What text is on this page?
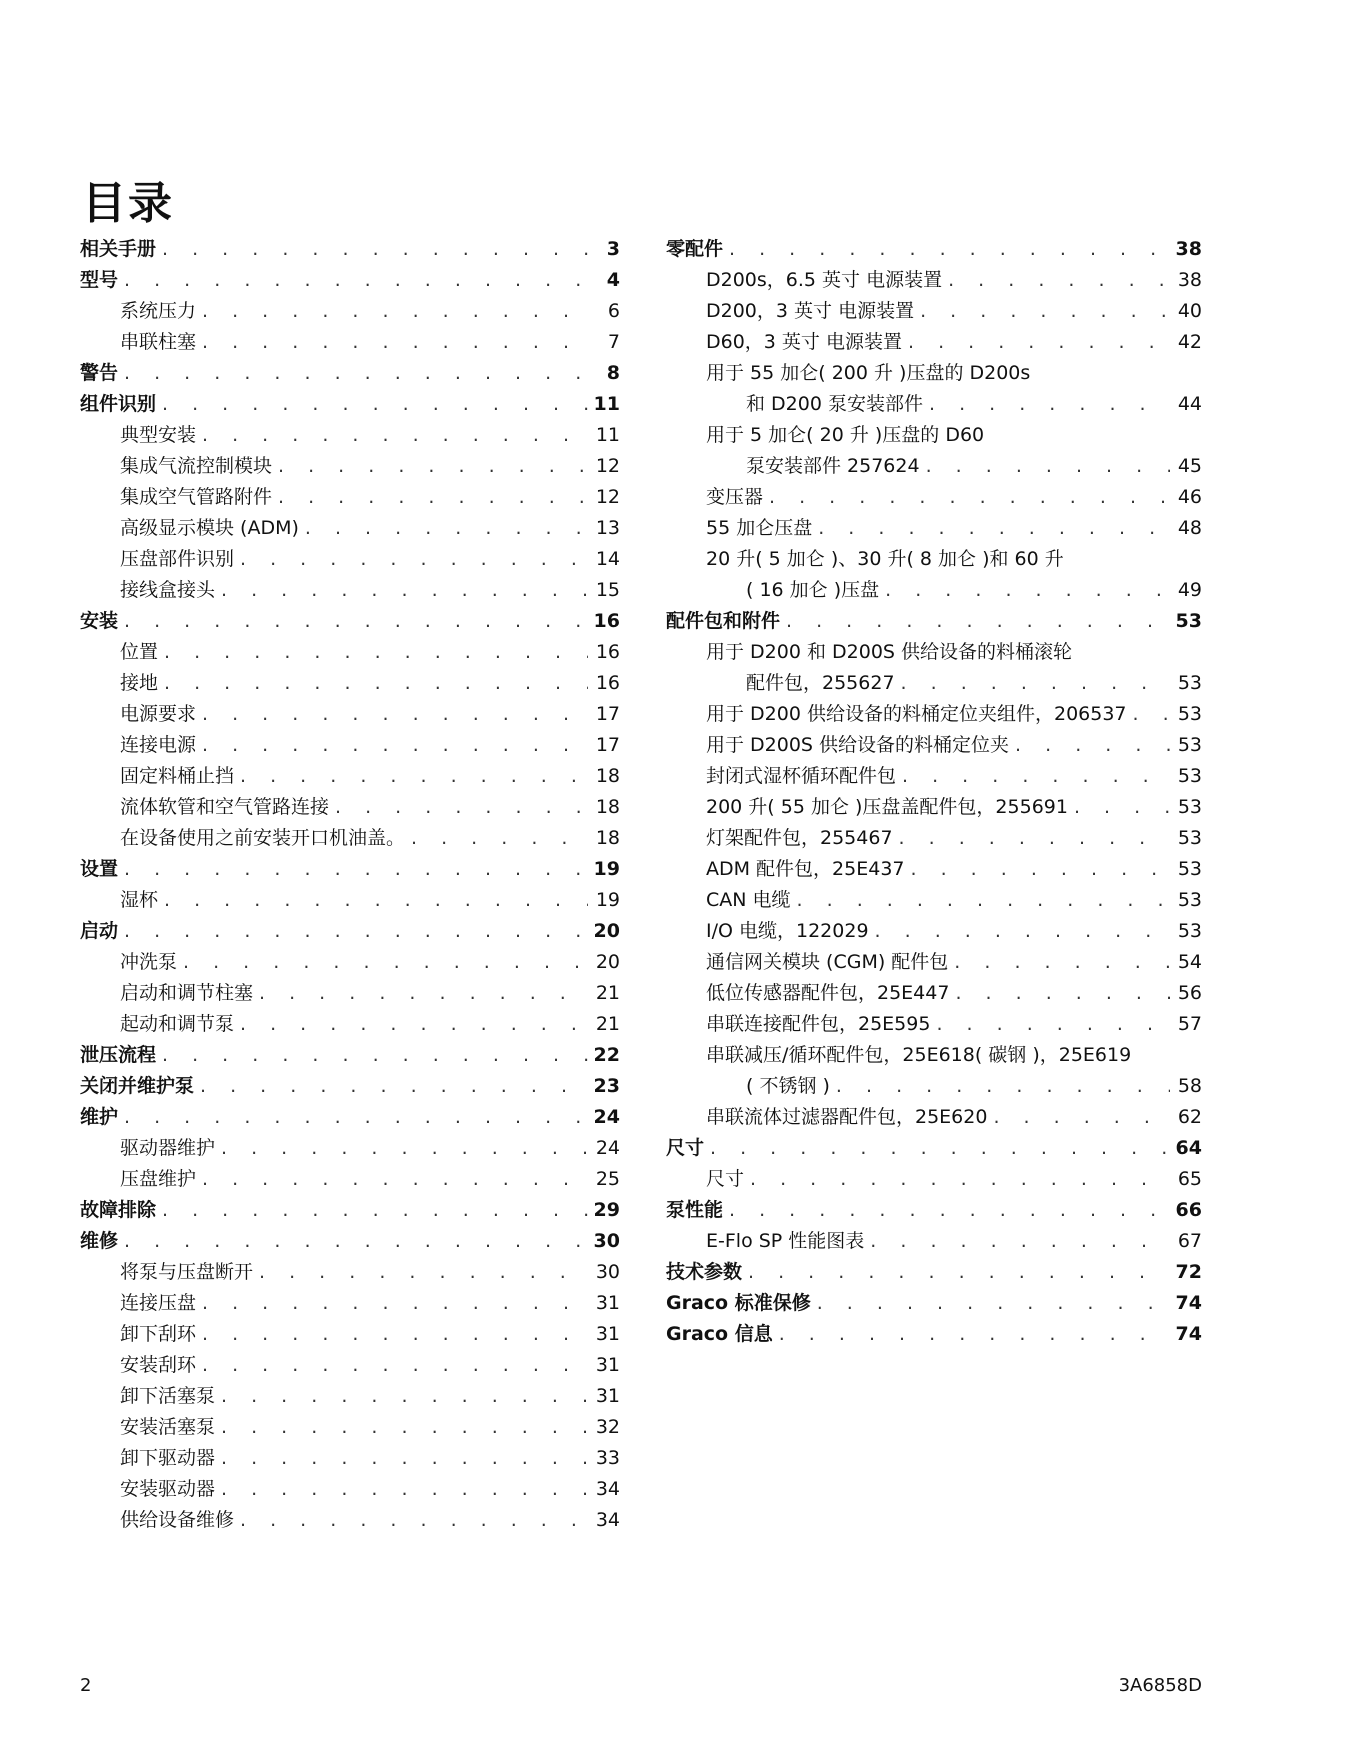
目录
相关手册 . . .	3
型号 . . .	4
系统压力 . . .	6
串联柱塞 . . .	7
警告 . . .	8
组件识别 . . .	11
典型安装 . . .	11
集成气流控制模块 . . .	12
集成空气管路附件 . . .	12
高级显示模块 (ADM) . . .	13
压盘部件识别 . . .	14
接线盒接头 . . .	15
安装 . . .	16
位置 . . .	16
接地 . . .	16
电源要求 . . .	17
连接电源 . . .	17
固定料桶止挡 . . .	18
流体软管和空气管路连接 . . .	18
在设备使用之前安装开口机油盖。 . . .	18
设置 . . .	19
湿杯 . . .	19
启动 . . .	20
冲洗泵 . . .	20
启动和调节柱塞 . . .	21
起动和调节泵 . . .	21
泄压流程 . . .	22
关闭并维护泵 . . .	23
维护 . . .	24
驱动器维护 . . .	24
压盘维护 . . .	25
故障排除 . . .	29
维修 . . .	30
将泵与压盘断开 . . .	30
连接压盘 . . .	31
卸下刮环 . . .	31
安装刮环 . . .	31
卸下活塞泵 . . .	31
安装活塞泵 . . .	32
卸下驱动器 . . .	33
安装驱动器 . . .	34
供给设备维修 . . .	34
零配件 . . .	38
D200s，6.5 英寸 电源装置 . . .	38
D200，3 英寸 电源装置 . . .	40
D60，3 英寸 电源装置 . . .	42
用于 55 加仑( 200 升 )压盘的 D200s
和 D200 泵安装部件 . . .	44
用于 5 加仑( 20 升 )压盘的 D60
泵安装部件 257624 . . .	45
变压器 . . .	46
55 加仑压盘 . . .	48
20 升( 5 加仑 )、30 升( 8 加仑 )和 60 升
( 16 加仑 )压盘 . . .	49
配件包和附件 . . .	53
用于 D200 和 D200S 供给设备的料桶滚轮
配件包，255627 . . .	53
用于 D200 供给设备的料桶定位夹组件，206537 . . .	53
用于 D200S 供给设备的料桶定位夹 . . .	53
封闭式湿杯循环配件包 . . .	53
200 升( 55 加仑 )压盘盖配件包，255691 . . .	53
灯架配件包，255467 . . .	53
ADM 配件包，25E437 . . .	53
CAN 电缆 . . .	53
I/O 电缆，122029 . . .	53
通信网关模块 (CGM) 配件包 . . .	54
低位传感器配件包，25E447 . . .	56
串联连接配件包，25E595 . . .	57
串联减压/循环配件包，25E618( 碳钢 )，25E619
( 不锈钢 ) . . .	58
串联流体过滤器配件包，25E620 . . .	62
尺寸 . . .	64
尺寸 . . .	65
泵性能 . . .	66
E-Flo SP 性能图表 . . .	67
技术参数 . . .	72
Graco 标准保修 . . .	74
Graco 信息 . . .	74
2	3A6858D
